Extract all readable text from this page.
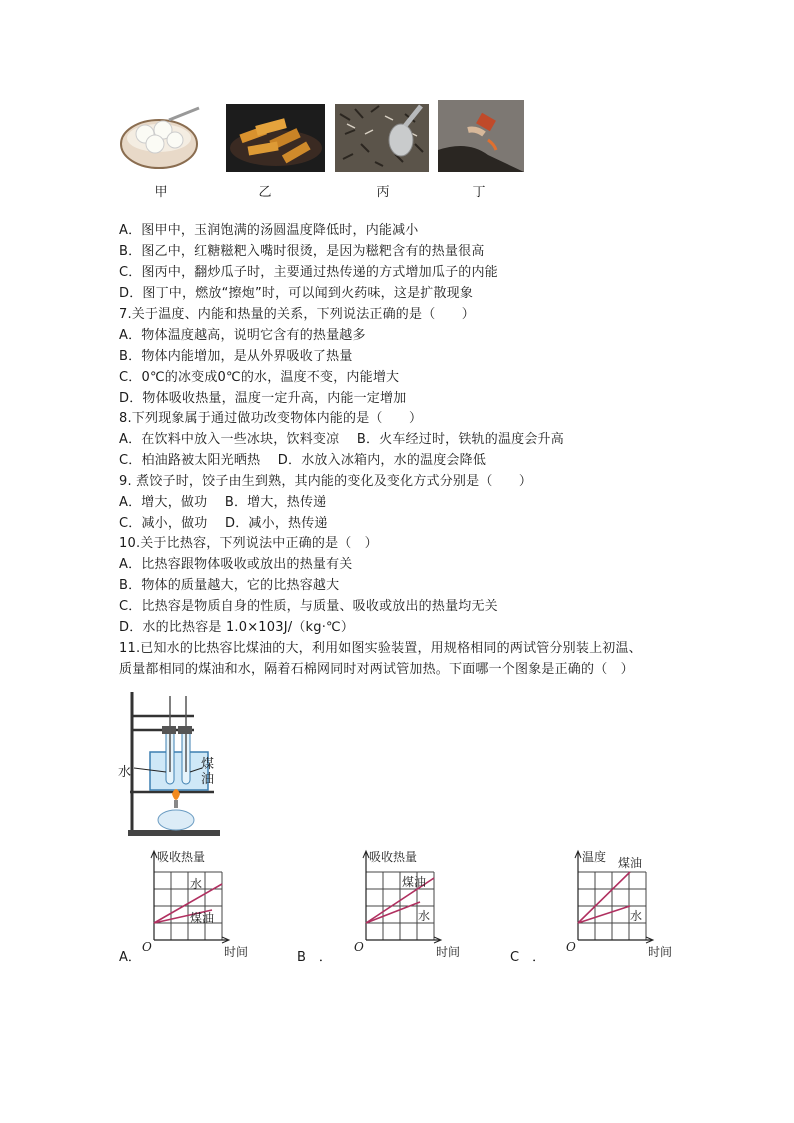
甲	乙	丙	丁
A．图甲中，玉润饱满的汤圆温度降低时，内能减小
B．图乙中，红糖糍粑入嘴时很烫，是因为糍粑含有的热量很高
C．图丙中，翻炒瓜子时，主要通过热传递的方式增加瓜子的内能
D．图丁中，燃放“擦炮”时，可以闻到火药味，这是扩散现象
7.关于温度、内能和热量的关系，下列说法正确的是（　　）
A．物体温度越高，说明它含有的热量越多
B．物体内能增加，是从外界吸收了热量
C．0℃的冰变成0℃的水，温度不变，内能增大
D．物体吸收热量，温度一定升高，内能一定增加
8.下列现象属于通过做功改变物体内能的是（　　）
A．在饮料中放入一些冰块，饮料变凉　 B．火车经过时，铁轨的温度会升高
C．柏油路被太阳光晒热　 D．水放入冰箱内，水的温度会降低
9. 煮饺子时，饺子由生到熟，其内能的变化及变化方式分别是（　　）
A．增大，做功　 B．增大，热传递
C．减小，做功　 D．减小，热传递
10.关于比热容，下列说法中正确的是（　）
A．比热容跟物体吸收或放出的热量有关
B．物体的质量越大，它的比热容越大
C．比热容是物质自身的性质，与质量、吸收或放出的热量均无关
D．水的比热容是 1.0×103J/（kg·℃）
11.已知水的比热容比煤油的大，利用如图实验装置，用规格相同的两试管分别装上初温、
质量都相同的煤油和水，隔着石棉网同时对两试管加热。下面哪一个图象是正确的（　）
水
煤油
吸收热量
水
煤油
O	时间
A．
吸收热量
煤油
水
O	时间
B　．
温度 煤油
水
O	时间
C　．
